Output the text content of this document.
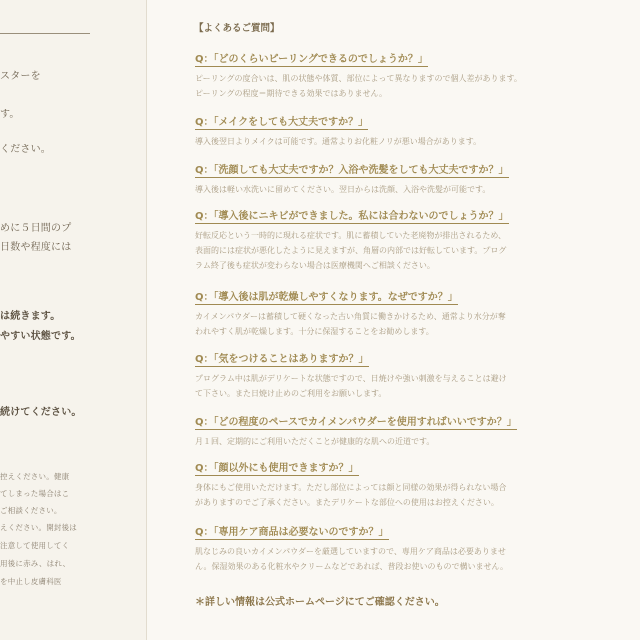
スターを
す。
ください。
めに５日間のプ
日数や程度には
は続きます。
やすい状態です。
続けてください。
控えください。健康
てしまった場合はこ
ご相談ください。
えください。開封後は
注意して使用してく
用後に赤み、はれ、
を中止し皮膚科医
【よくあるご質問】
Q：「どのくらいピーリングできるのでしょうか？」
ピーリングの度合いは、肌の状態や体質、部位によって異なりますので個人差があります。
ピーリングの程度＝期待できる効果ではありません。
Q：「メイクをしても大丈夫ですか？」
導入後翌日よりメイクは可能です。通常よりお化粧ノリが悪い場合があります。
Q：「洗顔しても大丈夫ですか？入浴や洗髪をしても大丈夫ですか？」
導入後は軽い水洗いに留めてください。翌日からは洗顔、入浴や洗髪が可能です。
Q：「導入後にニキビができました。私には合わないのでしょうか？」
好転反応という一時的に現れる症状です。肌に蓄積していた老廃物が排出されるため、
表面的には症状が悪化したように見えますが、角層の内部では好転しています。プログ
ラム終了後も症状が変わらない場合は医療機関へご相談ください。
Q：「導入後は肌が乾燥しやすくなります。なぜですか？」
カイメンパウダーは蓄積して硬くなった古い角質に働きかけるため、通常より水分が奪
われやすく肌が乾燥します。十分に保湿することをお勧めします。
Q：「気をつけることはありますか？」
プログラム中は肌がデリケートな状態ですので、日焼けや強い刺激を与えることは避け
て下さい。また日焼け止めのご利用をお願いします。
Q：「どの程度のペースでカイメンパウダーを使用すればいいですか？」
月１回、定期的にご利用いただくことが健康的な肌への近道です。
Q：「顔以外にも使用できますか？」
身体にもご使用いただけます。ただし部位によっては顔と同様の効果が得られない場合
がありますのでご了承ください。またデリケートな部位への使用はお控えください。
Q：「専用ケア商品は必要ないのですか？」
肌なじみの良いカイメンパウダーを厳選していますので、専用ケア商品は必要ありませ
ん。保湿効果のある化粧水やクリームなどであれば、普段お使いのもので構いません。
＊詳しい情報は公式ホームページにてご確認ください。
